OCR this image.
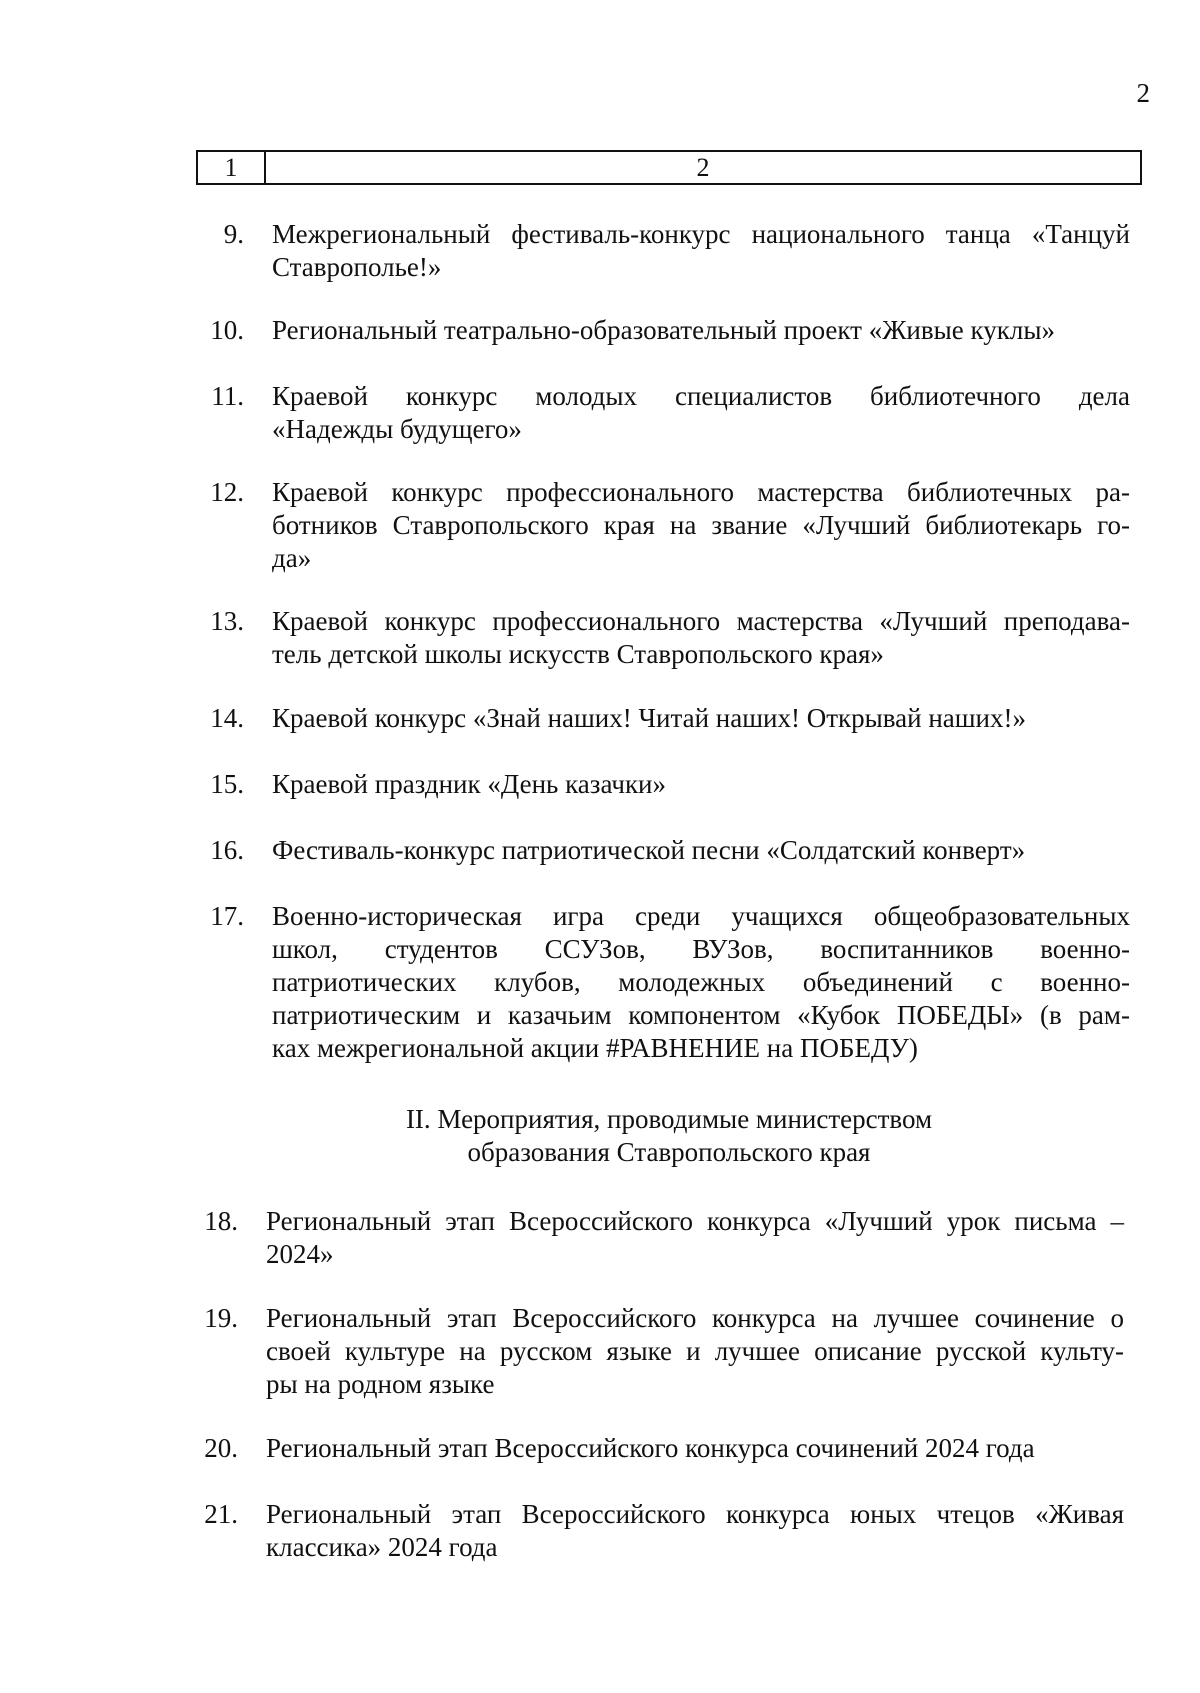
2
1	2
9. Межрегиональный фестиваль-конкурс национального танца «Танцуй
Ставрополье!»
10. Региональный театрально-образовательный проект «Живые куклы»
11. Краевой конкурс молодых специалистов библиотечного дела
«Надежды будущего»
12. Краевой конкурс профессионального мастерства библиотечных ра-
ботников Ставропольского края на звание «Лучший библиотекарь го-
да»
13. Краевой конкурс профессионального мастерства «Лучший преподава-
тель детской школы искусств Ставропольского края»
14. Краевой конкурс «Знай наших! Читай наших! Открывай наших!»
15. Краевой праздник «День казачки»
16. Фестиваль-конкурс патриотической песни «Солдатский конверт»
17. Военно-историческая игра среди учащихся общеобразовательных
школ, студентов ССУЗов, ВУЗов, воспитанников военно-
патриотических клубов, молодежных объединений с военно-
патриотическим и казачьим компонентом «Кубок ПОБЕДЫ» (в рам-
ках межрегиональной акции #РАВНЕНИЕ на ПОБЕДУ)
II. Мероприятия, проводимые министерством
образования Ставропольского края
18. Региональный этап Всероссийского конкурса «Лучший урок письма –
2024»
19. Региональный этап Всероссийского конкурса на лучшее сочинение о
своей культуре на русском языке и лучшее описание русской культу-
ры на родном языке
20. Региональный этап Всероссийского конкурса сочинений 2024 года
21. Региональный этап Всероссийского конкурса юных чтецов «Живая
классика» 2024 года
